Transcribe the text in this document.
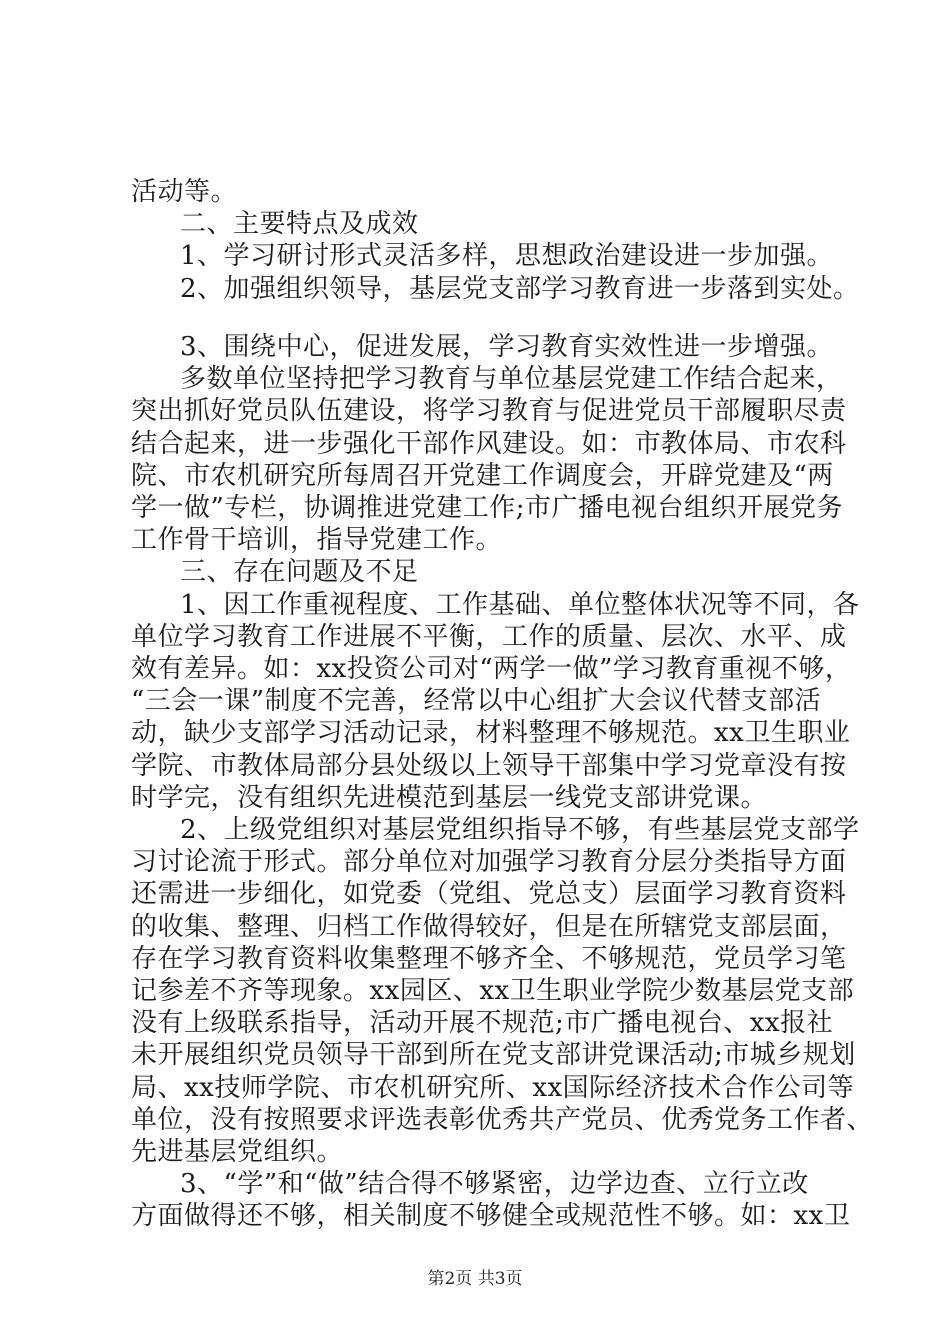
活动等。
二、主要特点及成效
1、学习研讨形式灵活多样，思想政治建设进一步加强。
2、加强组织领导，基层党支部学习教育进一步落到实处。
3、围绕中心，促进发展，学习教育实效性进一步增强。
多数单位坚持把学习教育与单位基层党建工作结合起来，
突出抓好党员队伍建设，将学习教育与促进党员干部履职尽责
结合起来，进一步强化干部作风建设。如：市教体局、市农科
院、市农机研究所每周召开党建工作调度会，开辟党建及“两
学一做”专栏，协调推进党建工作;市广播电视台组织开展党务
工作骨干培训，指导党建工作。
三、存在问题及不足
1、因工作重视程度、工作基础、单位整体状况等不同，各
单位学习教育工作进展不平衡，工作的质量、层次、水平、成
效有差异。如：xx投资公司对“两学一做”学习教育重视不够，
“三会一课”制度不完善，经常以中心组扩大会议代替支部活
动，缺少支部学习活动记录，材料整理不够规范。xx卫生职业
学院、市教体局部分县处级以上领导干部集中学习党章没有按
时学完，没有组织先进模范到基层一线党支部讲党课。
2、上级党组织对基层党组织指导不够，有些基层党支部学
习讨论流于形式。部分单位对加强学习教育分层分类指导方面
还需进一步细化，如党委（党组、党总支）层面学习教育资料
的收集、整理、归档工作做得较好，但是在所辖党支部层面，
存在学习教育资料收集整理不够齐全、不够规范，党员学习笔
记参差不齐等现象。xx园区、xx卫生职业学院少数基层党支部
没有上级联系指导，活动开展不规范;市广播电视台、xx报社
未开展组织党员领导干部到所在党支部讲党课活动;市城乡规划
局、xx技师学院、市农机研究所、xx国际经济技术合作公司等
单位，没有按照要求评选表彰优秀共产党员、优秀党务工作者、
先进基层党组织。
3、“学”和“做”结合得不够紧密，边学边查、立行立改
方面做得还不够，相关制度不够健全或规范性不够。如：xx卫
第2页 共3页
